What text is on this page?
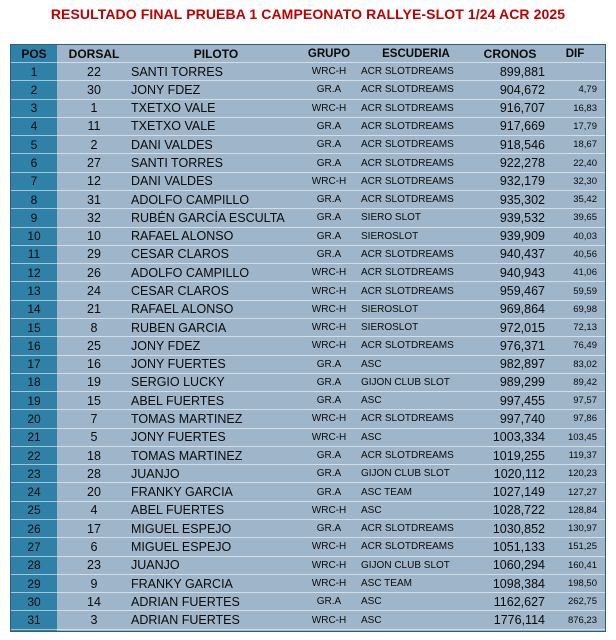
RESULTADO FINAL PRUEBA 1 CAMPEONATO RALLYE-SLOT 1/24 ACR 2025
POS	DORSAL	PILOTO	GRUPO	ESCUDERIA	CRONOS	DIF
1	22	SANTI TORRES	WRC-H	ACR SLOTDREAMS	899,881
2	30	JONY FDEZ	GR.A	ACR SLOTDREAMS	904,672	4,79
3	1	TXETXO VALE	WRC-H	ACR SLOTDREAMS	916,707	16,83
4	11	TXETXO VALE	GR.A	ACR SLOTDREAMS	917,669	17,79
5	2	DANI VALDES	GR.A	ACR SLOTDREAMS	918,546	18,67
6	27	SANTI TORRES	GR.A	ACR SLOTDREAMS	922,278	22,40
7	12	DANI VALDES	WRC-H	ACR SLOTDREAMS	932,179	32,30
8	31	ADOLFO CAMPILLO	GR.A	ACR SLOTDREAMS	935,302	35,42
9	32	RUBÉN GARCÍA ESCULTA	GR.A	SIERO SLOT	939,532	39,65
10	10	RAFAEL ALONSO	GR.A	SIEROSLOT	939,909	40,03
11	29	CESAR CLAROS	GR.A	ACR SLOTDREAMS	940,437	40,56
12	26	ADOLFO CAMPILLO	WRC-H	ACR SLOTDREAMS	940,943	41,06
13	24	CESAR CLAROS	WRC-H	ACR SLOTDREAMS	959,467	59,59
14	21	RAFAEL ALONSO	WRC-H	SIEROSLOT	969,864	69,98
15	8	RUBEN GARCIA	WRC-H	SIEROSLOT	972,015	72,13
16	25	JONY FDEZ	WRC-H	ACR SLOTDREAMS	976,371	76,49
17	16	JONY FUERTES	GR.A	ASC	982,897	83,02
18	19	SERGIO LUCKY	GR.A	GIJON CLUB SLOT	989,299	89,42
19	15	ABEL FUERTES	GR.A	ASC	997,455	97,57
20	7	TOMAS MARTINEZ	WRC-H	ACR SLOTDREAMS	997,740	97,86
21	5	JONY FUERTES	WRC-H	ASC	1003,334	103,45
22	18	TOMAS MARTINEZ	GR.A	ACR SLOTDREAMS	1019,255	119,37
23	28	JUANJO	GR.A	GIJON CLUB SLOT	1020,112	120,23
24	20	FRANKY GARCIA	GR.A	ASC TEAM	1027,149	127,27
25	4	ABEL FUERTES	WRC-H	ASC	1028,722	128,84
26	17	MIGUEL ESPEJO	GR.A	ACR SLOTDREAMS	1030,852	130,97
27	6	MIGUEL ESPEJO	WRC-H	ACR SLOTDREAMS	1051,133	151,25
28	23	JUANJO	WRC-H	GIJON CLUB SLOT	1060,294	160,41
29	9	FRANKY GARCIA	WRC-H	ASC TEAM	1098,384	198,50
30	14	ADRIAN FUERTES	GR.A	ASC	1162,627	262,75
31	3	ADRIAN FUERTES	WRC-H	ASC	1776,114	876,23
